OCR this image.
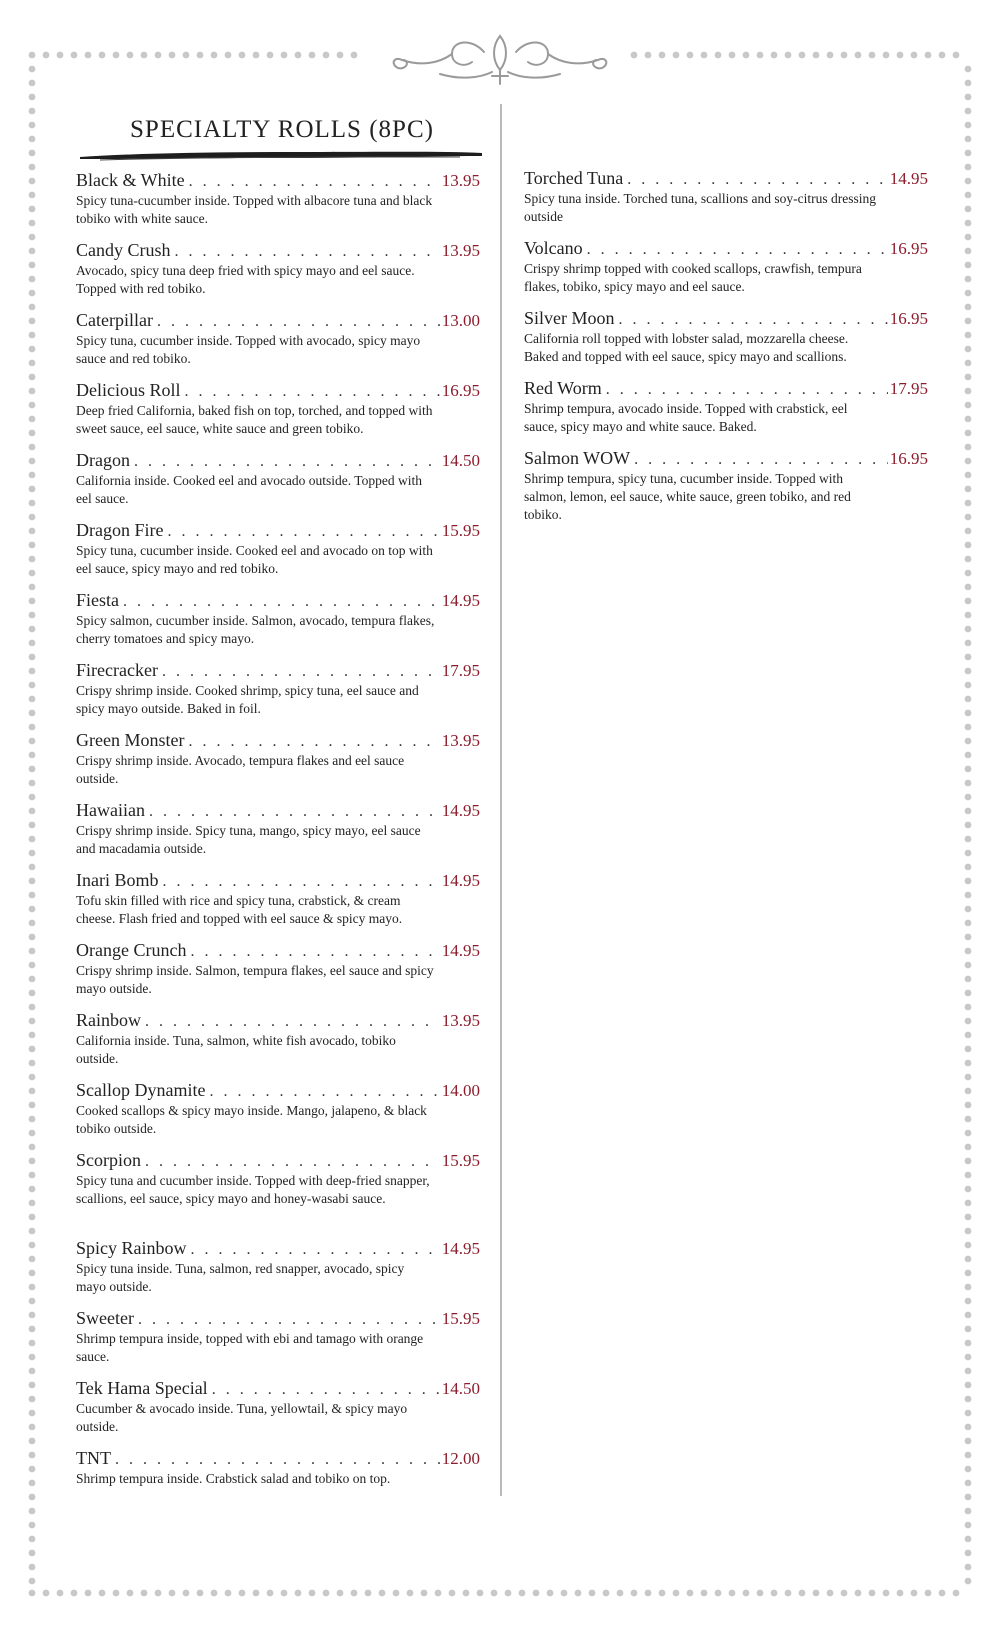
SPECIALTY ROLLS (8PC)
Black & White . . .	13.95
Spicy tuna-cucumber inside. Topped with albacore tuna and black tobiko with white sauce.
Candy Crush . . .	13.95
Avocado, spicy tuna deep fried with spicy mayo and eel sauce. Topped with red tobiko.
Caterpillar . . .	13.00
Spicy tuna, cucumber inside. Topped with avocado, spicy mayo sauce and red tobiko.
Delicious Roll . . .	16.95
Deep fried California, baked fish on top, torched, and topped with sweet sauce, eel sauce, white sauce and green tobiko.
Dragon . . .	14.50
California inside. Cooked eel and avocado outside. Topped with eel sauce.
Dragon Fire . . .	15.95
Spicy tuna, cucumber inside. Cooked eel and avocado on top with eel sauce, spicy mayo and red tobiko.
Fiesta . . .	14.95
Spicy salmon, cucumber inside. Salmon, avocado, tempura flakes, cherry tomatoes and spicy mayo.
Firecracker . . .	17.95
Crispy shrimp inside. Cooked shrimp, spicy tuna, eel sauce and spicy mayo outside. Baked in foil.
Green Monster . . .	13.95
Crispy shrimp inside. Avocado, tempura flakes and eel sauce outside.
Hawaiian . . .	14.95
Crispy shrimp inside. Spicy tuna, mango, spicy mayo, eel sauce and macadamia outside.
Inari Bomb . . .	14.95
Tofu skin filled with rice and spicy tuna, crabstick, & cream cheese. Flash fried and topped with eel sauce & spicy mayo.
Orange Crunch . . .	14.95
Crispy shrimp inside. Salmon, tempura flakes, eel sauce and spicy mayo outside.
Rainbow . . .	13.95
California inside. Tuna, salmon, white fish avocado, tobiko outside.
Scallop Dynamite . . .	14.00
Cooked scallops & spicy mayo inside. Mango, jalapeno, & black tobiko outside.
Scorpion . . .	15.95
Spicy tuna and cucumber inside. Topped with deep-fried snapper, scallions, eel sauce, spicy mayo and honey-wasabi sauce.
Spicy Rainbow . . .	14.95
Spicy tuna inside. Tuna, salmon, red snapper, avocado, spicy mayo outside.
Sweeter . . .	15.95
Shrimp tempura inside, topped with ebi and tamago with orange sauce.
Tek Hama Special . . .	14.50
Cucumber & avocado inside. Tuna, yellowtail, & spicy mayo outside.
TNT . . .	12.00
Shrimp tempura inside. Crabstick salad and tobiko on top.
Torched Tuna . . .	14.95
Spicy tuna inside. Torched tuna, scallions and soy-citrus dressing outside
Volcano . . .	16.95
Crispy shrimp topped with cooked scallops, crawfish, tempura flakes, tobiko, spicy mayo and eel sauce.
Silver Moon . . .	16.95
California roll topped with lobster salad, mozzarella cheese. Baked and topped with eel sauce, spicy mayo and scallions.
Red Worm . . .	17.95
Shrimp tempura, avocado inside. Topped with crabstick, eel sauce, spicy mayo and white sauce. Baked.
Salmon WOW . . .	16.95
Shrimp tempura, spicy tuna, cucumber inside. Topped with salmon, lemon, eel sauce, white sauce, green tobiko, and red tobiko.
